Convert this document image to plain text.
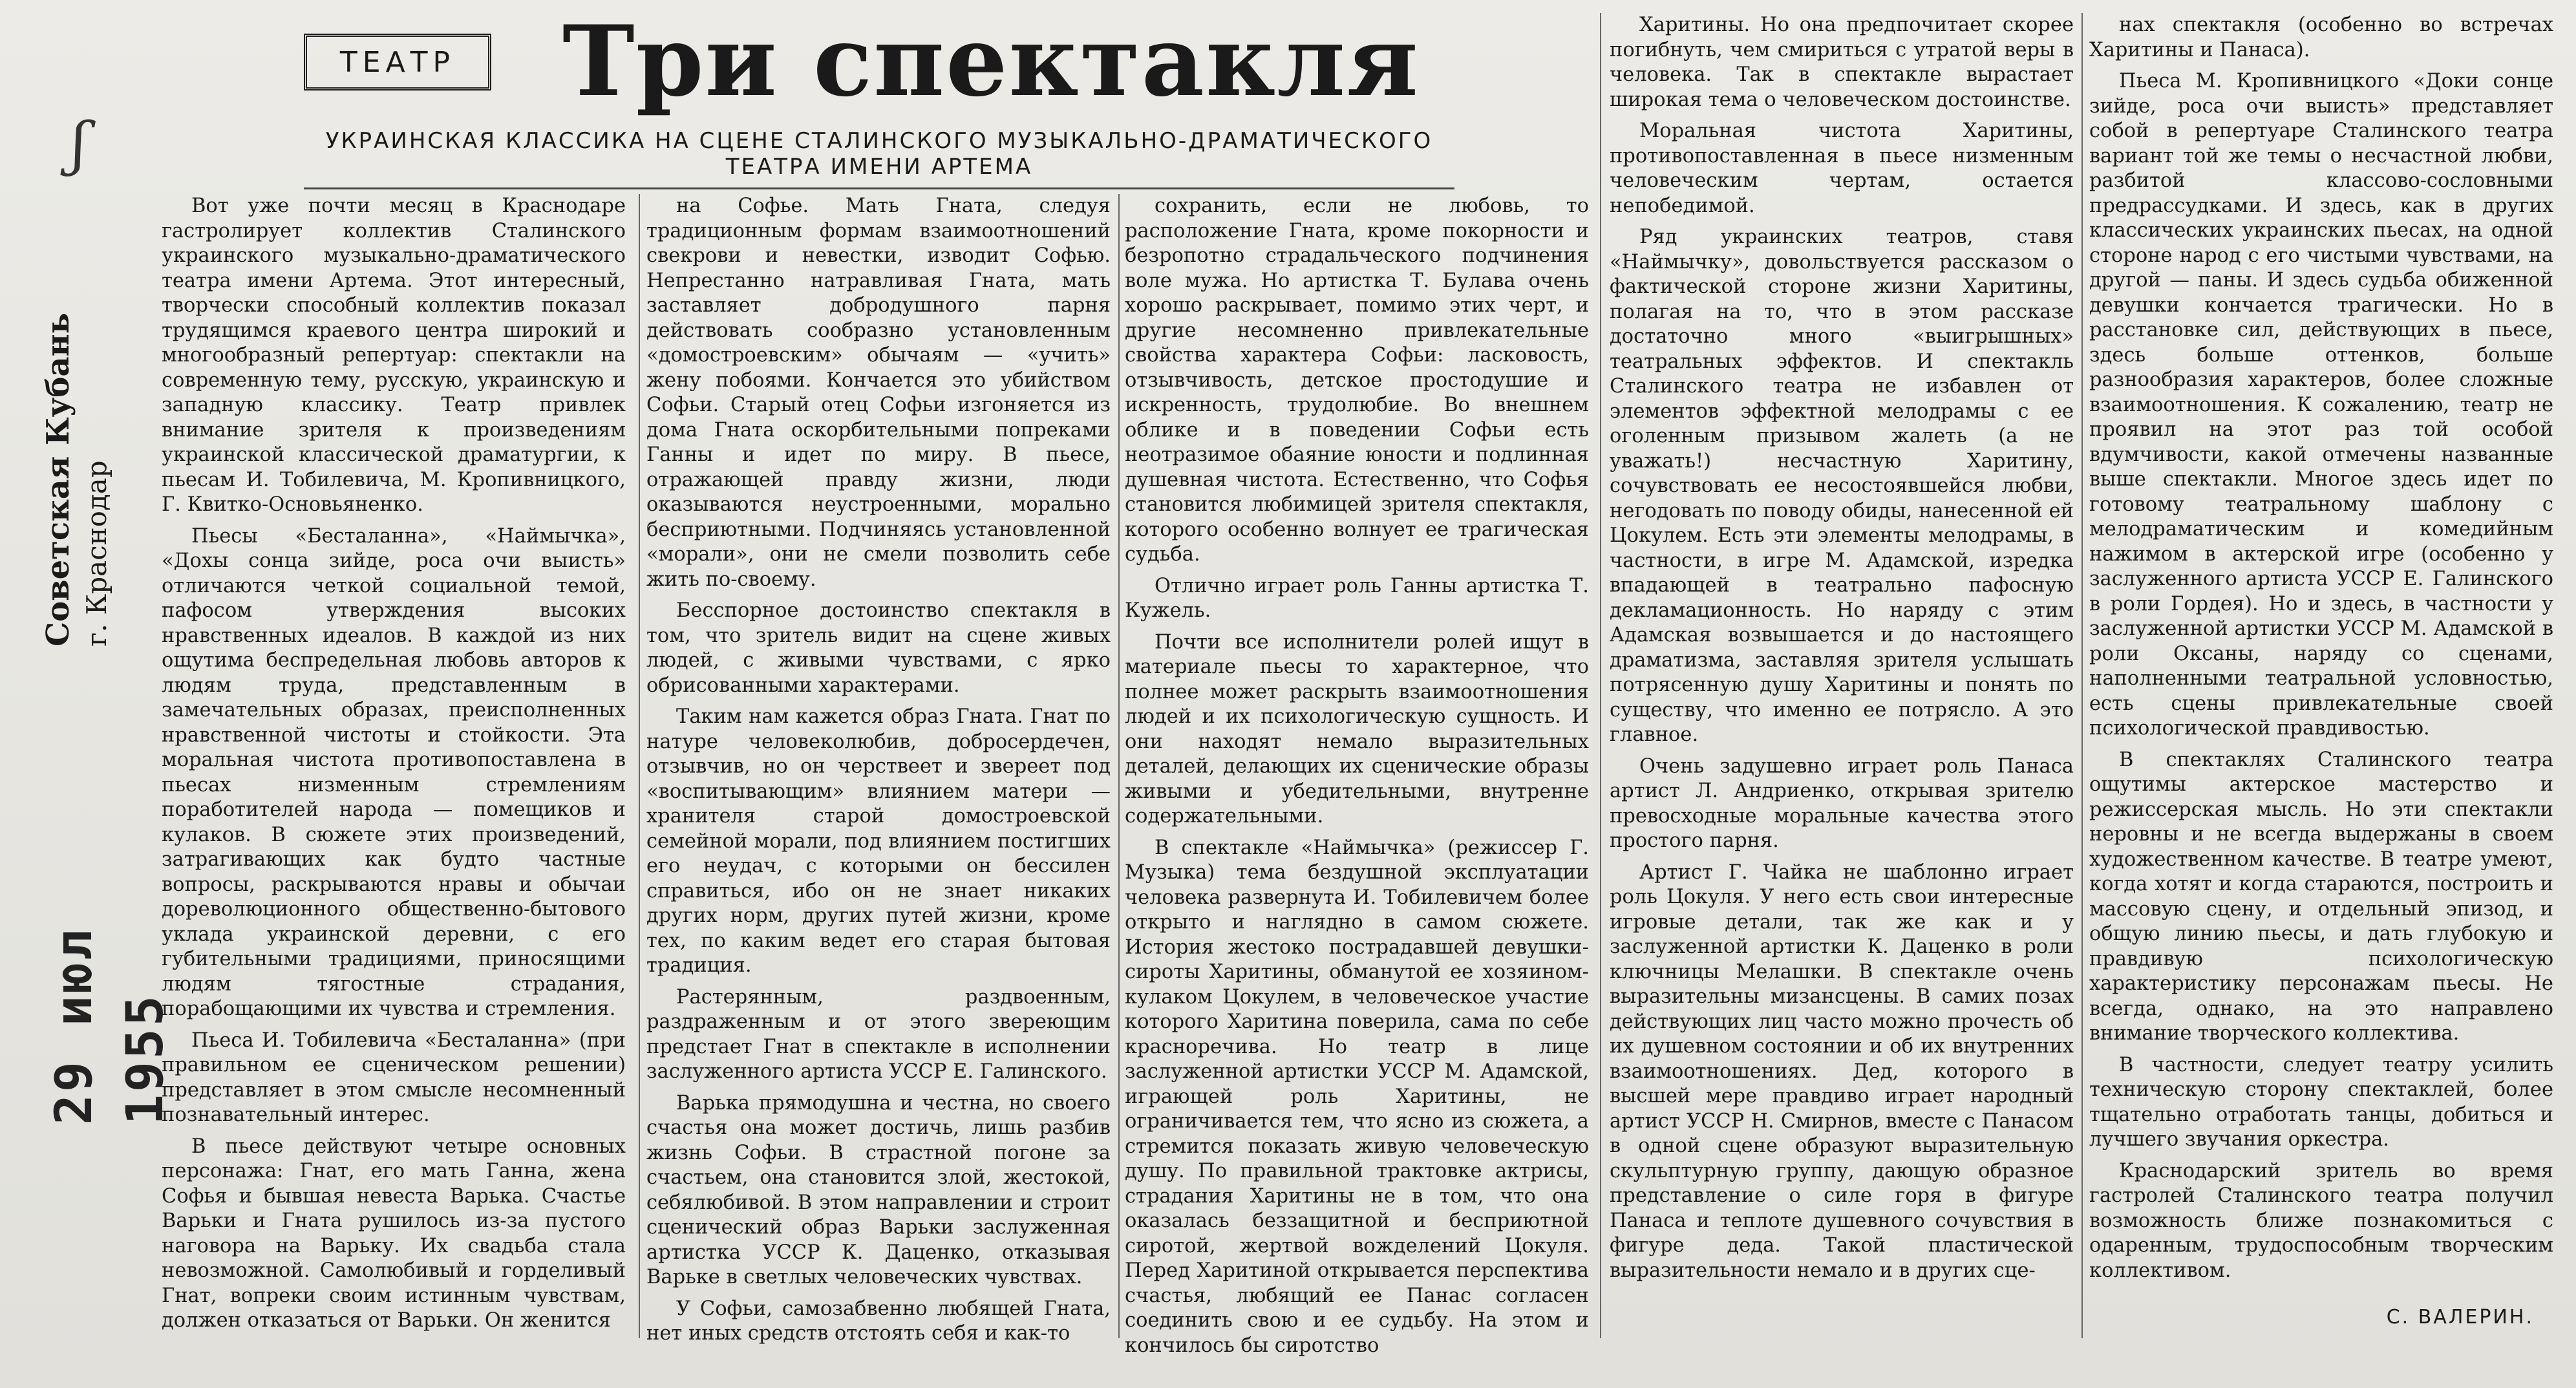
ʃ
Советская Кубань г. Краснодар
29 июл 1955
ТЕАТР	Три спектакля
УКРАИНСКАЯ КЛАССИКА НА СЦЕНЕ СТАЛИНСКОГО МУЗЫКАЛЬНО-ДРАМАТИЧЕСКОГО ТЕАТРА ИМЕНИ АРТЕМА

Вот уже почти месяц в Краснодаре гастролирует коллектив Сталинского украинского музыкально-драматического театра имени Артема. Этот интересный, творчески способный коллектив показал трудящимся краевого центра широкий и многообразный репертуар: спектакли на современную тему, русскую, украинскую и западную классику. Театр привлек внимание зрителя к произведениям украинской классической драматургии, к пьесам И. Тобилевича, М. Кропивницкого, Г. Квитко-Основьяненко.

Пьесы «Бесталанна», «Наймычка», «Дохы сонца зийде, роса очи выисть» отличаются четкой социальной темой, пафосом утверждения высоких нравственных идеалов. В каждой из них ощутима беспредельная любовь авторов к людям труда, представленным в замечательных образах, преисполненных нравственной чистоты и стойкости. Эта моральная чистота противопоставлена в пьесах низменным стремлениям поработителей народа — помещиков и кулаков. В сюжете этих произведений, затрагивающих как будто частные вопросы, раскрываются нравы и обычаи дореволюционного общественно-бытового уклада украинской деревни, с его губительными традициями, приносящими людям тягостные страдания, порабощающими их чувства и стремления.

Пьеса И. Тобилевича «Бесталанна» (при правильном ее сценическом решении) представляет в этом смысле несомненный познавательный интерес.

В пьесе действуют четыре основных персонажа: Гнат, его мать Ганна, жена Софья и бывшая невеста Варька. Счастье Варьки и Гната рушилось из-за пустого наговора на Варьку. Их свадьба стала невозможной. Самолюбивый и горделивый Гнат, вопреки своим истинным чувствам, должен отказаться от Варьки. Он женится

на Софье. Мать Гната, следуя традиционным формам взаимоотношений свекрови и невестки, изводит Софью. Непрестанно натравливая Гната, мать заставляет добродушного парня действовать сообразно установленным «домостроевским» обычаям — «учить» жену побоями. Кончается это убийством Софьи. Старый отец Софьи изгоняется из дома Гната оскорбительными попреками Ганны и идет по миру. В пьесе, отражающей правду жизни, люди оказываются неустроенными, морально бесприютными. Подчиняясь установленной «морали», они не смели позволить себе жить по-своему.

Бесспорное достоинство спектакля в том, что зритель видит на сцене живых людей, с живыми чувствами, с ярко обрисованными характерами.

Таким нам кажется образ Гната. Гнат по натуре человеколюбив, добросердечен, отзывчив, но он черствеет и звереет под «воспитывающим» влиянием матери — хранителя старой домостроевской семейной морали, под влиянием постигших его неудач, с которыми он бессилен справиться, ибо он не знает никаких других норм, других путей жизни, кроме тех, по каким ведет его старая бытовая традиция.

Растерянным, раздвоенным, раздраженным и от этого звереющим предстает Гнат в спектакле в исполнении заслуженного артиста УССР Е. Галинского.

Варька прямодушна и честна, но своего счастья она может достичь, лишь разбив жизнь Софьи. В страстной погоне за счастьем, она становится злой, жестокой, себялюбивой. В этом направлении и строит сценический образ Варьки заслуженная артистка УССР К. Даценко, отказывая Варьке в светлых человеческих чувствах.

У Софьи, самозабвенно любящей Гната, нет иных средств отстоять себя и как-то

сохранить, если не любовь, то расположение Гната, кроме покорности и безропотно страдальческого подчинения воле мужа. Но артистка Т. Булава очень хорошо раскрывает, помимо этих черт, и другие несомненно привлекательные свойства характера Софьи: ласковость, отзывчивость, детское простодушие и искренность, трудолюбие. Во внешнем облике и в поведении Софьи есть неотразимое обаяние юности и подлинная душевная чистота. Естественно, что Софья становится любимицей зрителя спектакля, которого особенно волнует ее трагическая судьба.

Отлично играет роль Ганны артистка Т. Кужель.

Почти все исполнители ролей ищут в материале пьесы то характерное, что полнее может раскрыть взаимоотношения людей и их психологическую сущность. И они находят немало выразительных деталей, делающих их сценические образы живыми и убедительными, внутренне содержательными.

В спектакле «Наймычка» (режиссер Г. Музыка) тема бездушной эксплуатации человека развернута И. Тобилевичем более открыто и наглядно в самом сюжете. История жестоко пострадавшей девушки-сироты Харитины, обманутой ее хозяином-кулаком Цокулем, в человеческое участие которого Харитина поверила, сама по себе красноречива. Но театр в лице заслуженной артистки УССР М. Адамской, играющей роль Харитины, не ограничивается тем, что ясно из сюжета, а стремится показать живую человеческую душу. По правильной трактовке актрисы, страдания Харитины не в том, что она оказалась беззащитной и бесприютной сиротой, жертвой вожделений Цокуля. Перед Харитиной открывается перспектива счастья, любящий ее Панас согласен соединить свою и ее судьбу. На этом и кончилось бы сиротство

Харитины. Но она предпочитает скорее погибнуть, чем смириться с утратой веры в человека. Так в спектакле вырастает широкая тема о человеческом достоинстве.

Моральная чистота Харитины, противопоставленная в пьесе низменным человеческим чертам, остается непобедимой.

Ряд украинских театров, ставя «Наймычку», довольствуется рассказом о фактической стороне жизни Харитины, полагая на то, что в этом рассказе достаточно много «выигрышных» театральных эффектов. И спектакль Сталинского театра не избавлен от элементов эффектной мелодрамы с ее оголенным призывом жалеть (а не уважать!) несчастную Харитину, сочувствовать ее несостоявшейся любви, негодовать по поводу обиды, нанесенной ей Цокулем. Есть эти элементы мелодрамы, в частности, в игре М. Адамской, изредка впадающей в театрально пафосную декламационность. Но наряду с этим Адамская возвышается и до настоящего драматизма, заставляя зрителя услышать потрясенную душу Харитины и понять по существу, что именно ее потрясло. А это главное.

Очень задушевно играет роль Панаса артист Л. Андриенко, открывая зрителю превосходные моральные качества этого простого парня.

Артист Г. Чайка не шаблонно играет роль Цокуля. У него есть свои интересные игровые детали, так же как и у заслуженной артистки К. Даценко в роли ключницы Мелашки. В спектакле очень выразительны мизансцены. В самих позах действующих лиц часто можно прочесть об их душевном состоянии и об их внутренних взаимоотношениях. Дед, которого в высшей мере правдиво играет народный артист УССР Н. Смирнов, вместе с Панасом в одной сцене образуют выразительную скульптурную группу, дающую образное представление о силе горя в фигуре Панаса и теплоте душевного сочувствия в фигуре деда. Такой пластической выразительности немало и в других сце-

нах спектакля (особенно во встречах Харитины и Панаса).

Пьеса М. Кропивницкого «Доки сонце зийде, роса очи выисть» представляет собой в репертуаре Сталинского театра вариант той же темы о несчастной любви, разбитой классово-сословными предрассудками. И здесь, как в других классических украинских пьесах, на одной стороне народ с его чистыми чувствами, на другой — паны. И здесь судьба обиженной девушки кончается трагически. Но в расстановке сил, действующих в пьесе, здесь больше оттенков, больше разнообразия характеров, более сложные взаимоотношения. К сожалению, театр не проявил на этот раз той особой вдумчивости, какой отмечены названные выше спектакли. Многое здесь идет по готовому театральному шаблону с мелодраматическим и комедийным нажимом в актерской игре (особенно у заслуженного артиста УССР Е. Галинского в роли Гордея). Но и здесь, в частности у заслуженной артистки УССР М. Адамской в роли Оксаны, наряду со сценами, наполненными театральной условностью, есть сцены привлекательные своей психологической правдивостью.

В спектаклях Сталинского театра ощутимы актерское мастерство и режиссерская мысль. Но эти спектакли неровны и не всегда выдержаны в своем художественном качестве. В театре умеют, когда хотят и когда стараются, построить и массовую сцену, и отдельный эпизод, и общую линию пьесы, и дать глубокую и правдивую психологическую характеристику персонажам пьесы. Не всегда, однако, на это направлено внимание творческого коллектива.

В частности, следует театру усилить техническую сторону спектаклей, более тщательно отработать танцы, добиться и лучшего звучания оркестра.

Краснодарский зритель во время гастролей Сталинского театра получил возможность ближе познакомиться с одаренным, трудоспособным творческим коллективом.

С. ВАЛЕРИН.
